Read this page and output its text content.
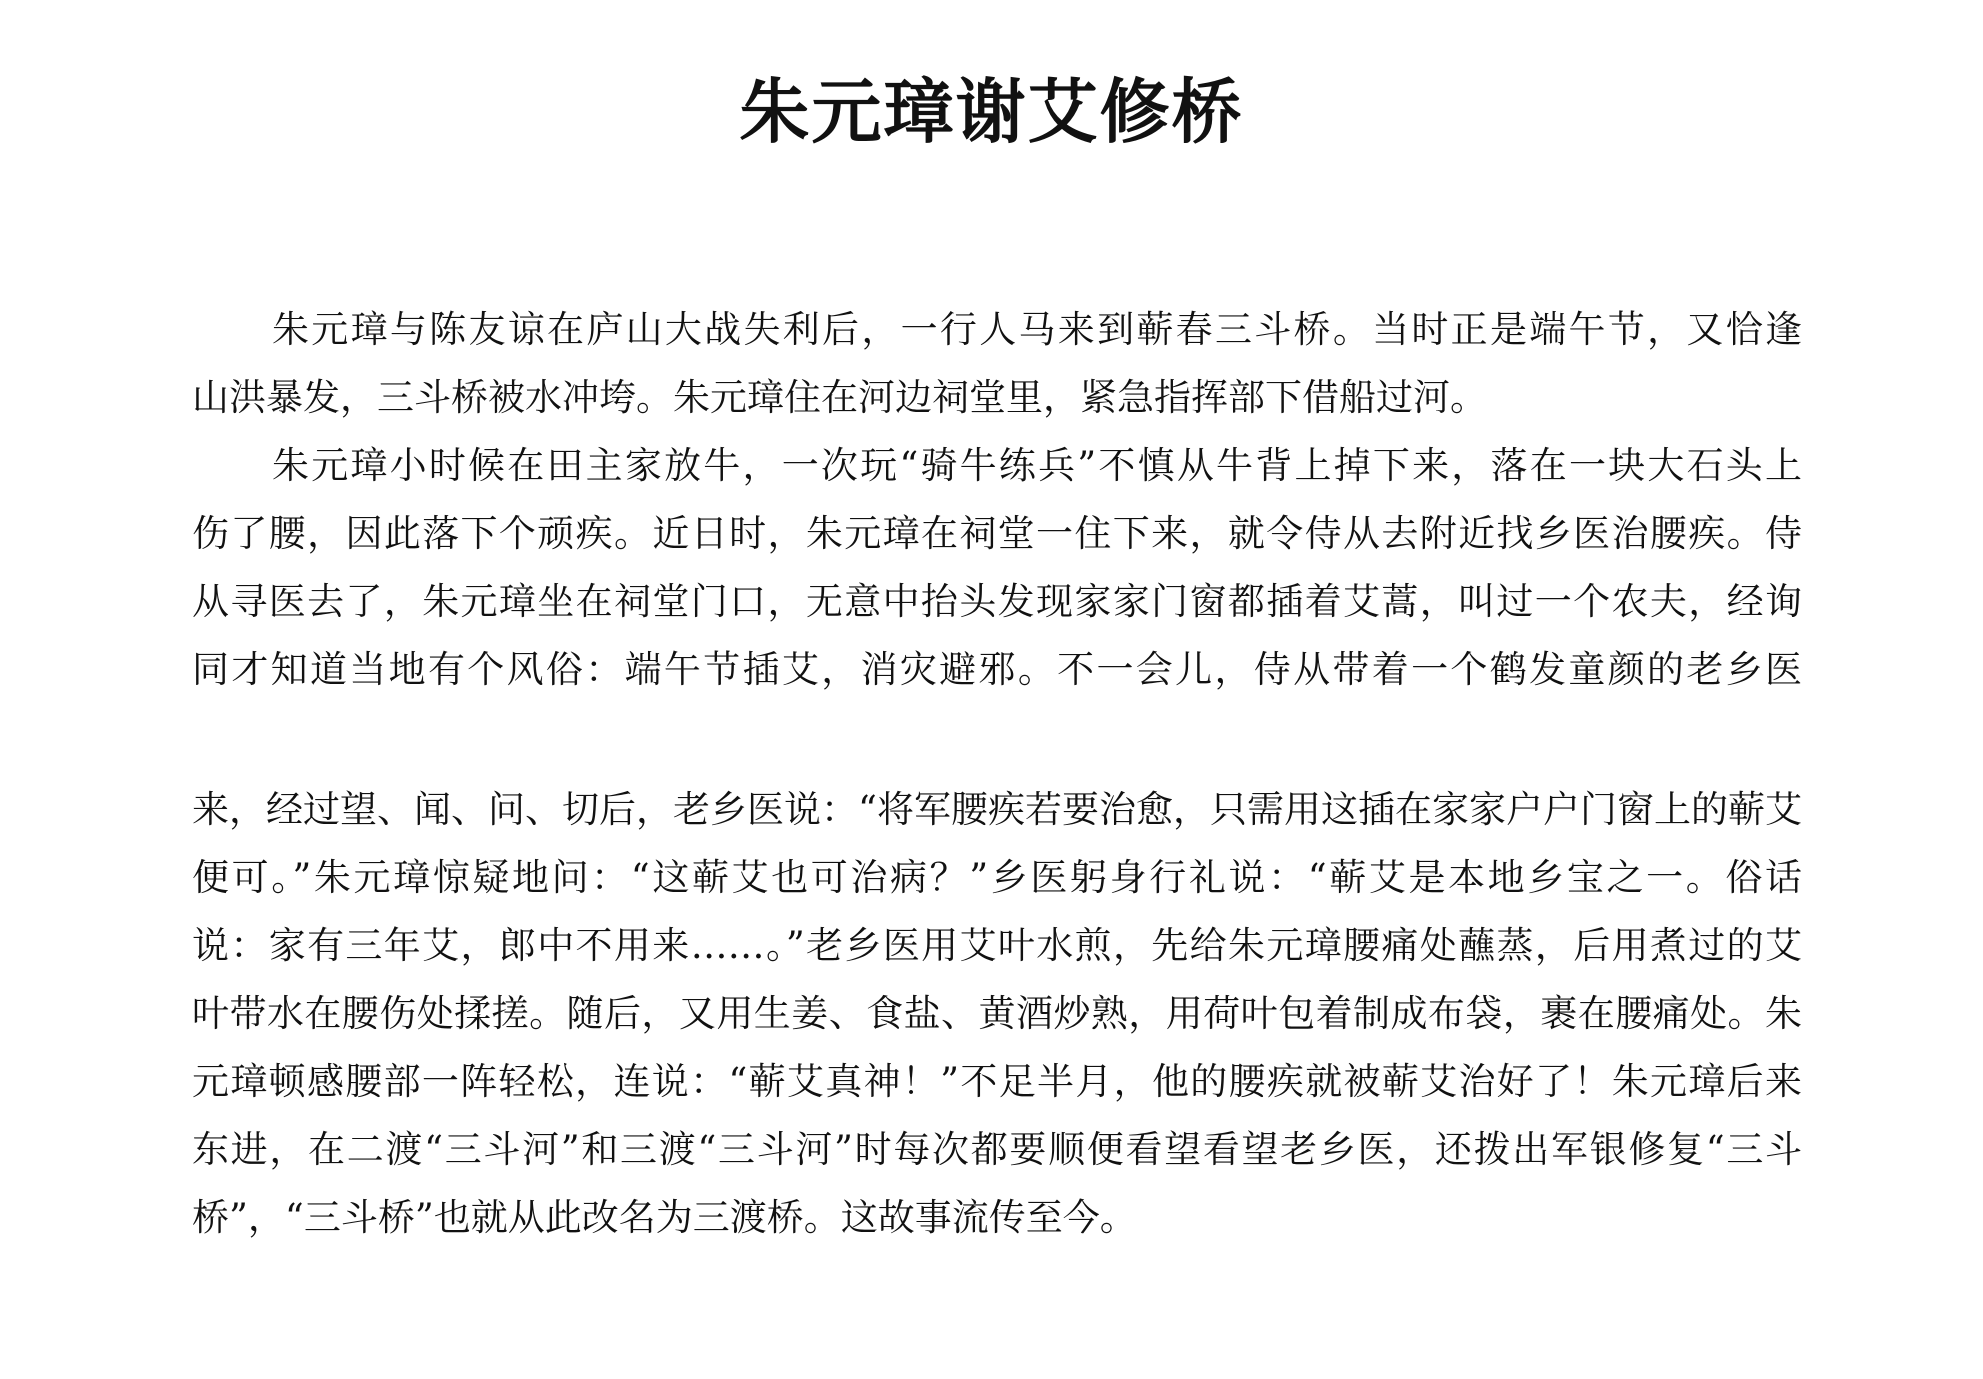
朱元璋谢艾修桥
朱元璋与陈友谅在庐山大战失利后，一行人马来到蕲春三斗桥。当时正是端午节，又恰逢
山洪暴发，三斗桥被水冲垮。朱元璋住在河边祠堂里，紧急指挥部下借船过河。
朱元璋小时候在田主家放牛，一次玩“骑牛练兵”不慎从牛背上掉下来，落在一块大石头上
伤了腰，因此落下个顽疾。近日时，朱元璋在祠堂一住下来，就令侍从去附近找乡医治腰疾。侍
从寻医去了，朱元璋坐在祠堂门口，无意中抬头发现家家门窗都插着艾蒿，叫过一个农夫，经询
同才知道当地有个风俗：端午节插艾，消灾避邪。不一会儿，侍从带着一个鹤发童颜的老乡医
来，经过望、闻、问、切后，老乡医说：“将军腰疾若要治愈，只需用这插在家家户户门窗上的蕲艾
便可。”朱元璋惊疑地问：“这蕲艾也可治病？”乡医躬身行礼说：“蕲艾是本地乡宝之一。俗话
说：家有三年艾，郎中不用来……。”老乡医用艾叶水煎，先给朱元璋腰痛处蘸蒸，后用煮过的艾
叶带水在腰伤处揉搓。随后，又用生姜、食盐、黄酒炒熟，用荷叶包着制成布袋，裹在腰痛处。朱
元璋顿感腰部一阵轻松，连说：“蕲艾真神！”不足半月，他的腰疾就被蕲艾治好了！朱元璋后来
东进，在二渡“三斗河”和三渡“三斗河”时每次都要顺便看望看望老乡医，还拨出军银修复“三斗
桥”，“三斗桥”也就从此改名为三渡桥。这故事流传至今。
